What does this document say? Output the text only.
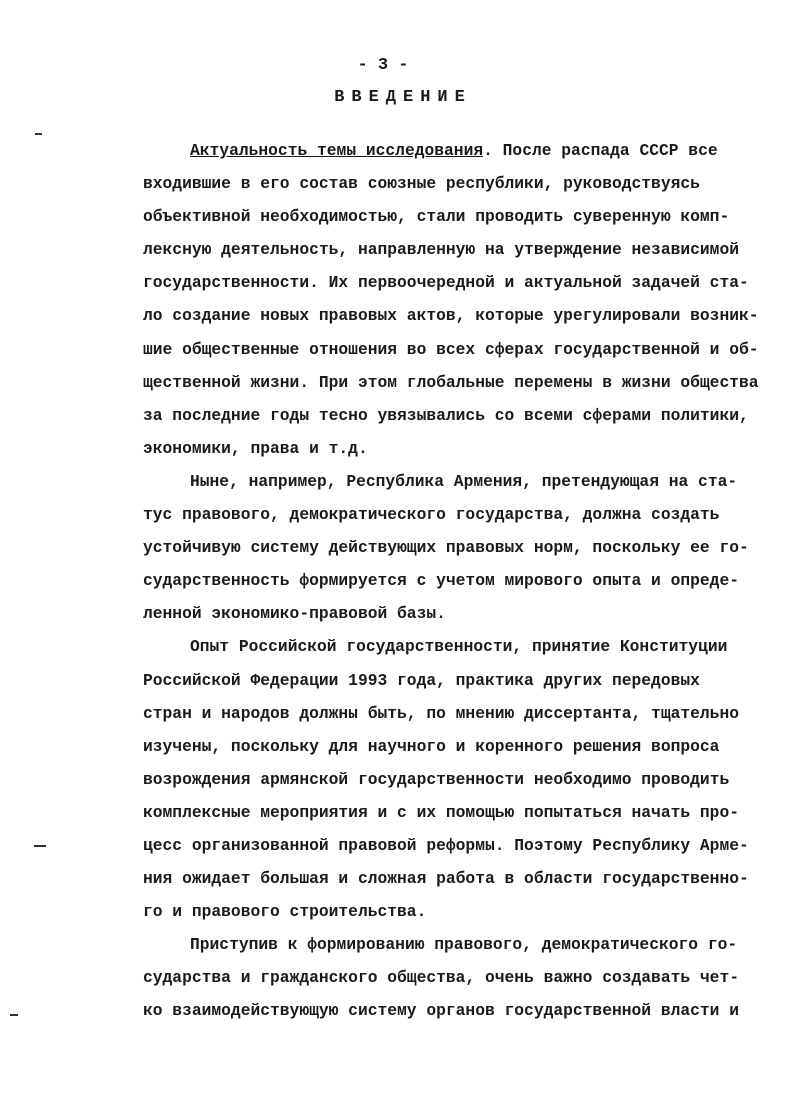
- 3 -
ВВЕДЕНИЕ
Актуальность темы исследования. После распада СССР все
входившие в его состав союзные республики, руководствуясь
объективной необходимостью, стали проводить суверенную комп-
лексную деятельность, направленную на утверждение независимой
государственности. Их первоочередной и актуальной задачей ста-
ло создание новых правовых актов, которые урегулировали возник-
шие общественные отношения во всех сферах государственной и об-
щественной жизни. При этом глобальные перемены в жизни общества
за последние годы тесно увязывались со всеми сферами политики,
экономики, права и т.д.
Ныне, например, Республика Армения, претендующая на ста-
тус правового, демократического государства, должна создать
устойчивую систему действующих правовых норм, поскольку ее го-
сударственность формируется с учетом мирового опыта и опреде-
ленной экономико-правовой базы.
Опыт Российской государственности, принятие Конституции
Российской Федерации 1993 года, практика других передовых
стран и народов должны быть, по мнению диссертанта, тщательно
изучены, поскольку для научного и коренного решения вопроса
возрождения армянской государственности необходимо проводить
комплексные мероприятия и с их помощью попытаться начать про-
цесс организованной правовой реформы. Поэтому Республику Арме-
ния ожидает большая и сложная работа в области государственно-
го и правового строительства.
Приступив к формированию правового, демократического го-
сударства и гражданского общества, очень важно создавать чет-
ко взаимодействующую систему органов государственной власти и
